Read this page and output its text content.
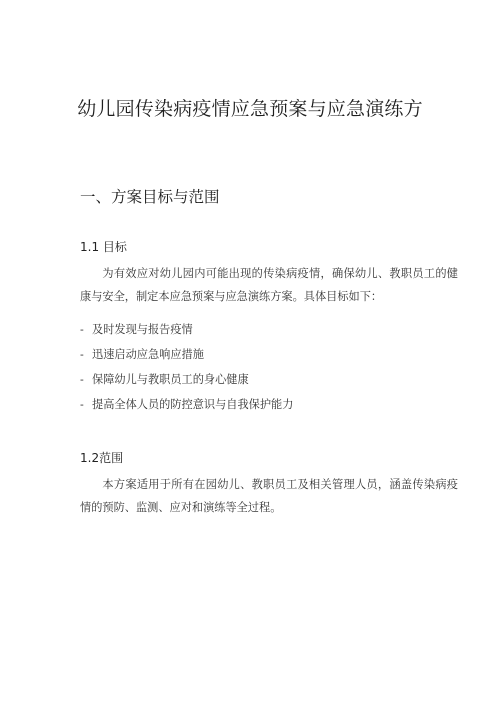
幼儿园传染病疫情应急预案与应急演练方
一、方案目标与范围
1.1 目标
为有效应对幼儿园内可能出现的传染病疫情，确保幼儿、教职员工的健康与安全，制定本应急预案与应急演练方案。具体目标如下：
- 及时发现与报告疫情
- 迅速启动应急响应措施
- 保障幼儿与教职员工的身心健康
- 提高全体人员的防控意识与自我保护能力
1.2范围
本方案适用于所有在园幼儿、教职员工及相关管理人员，涵盖传染病疫情的预防、监测、应对和演练等全过程。
